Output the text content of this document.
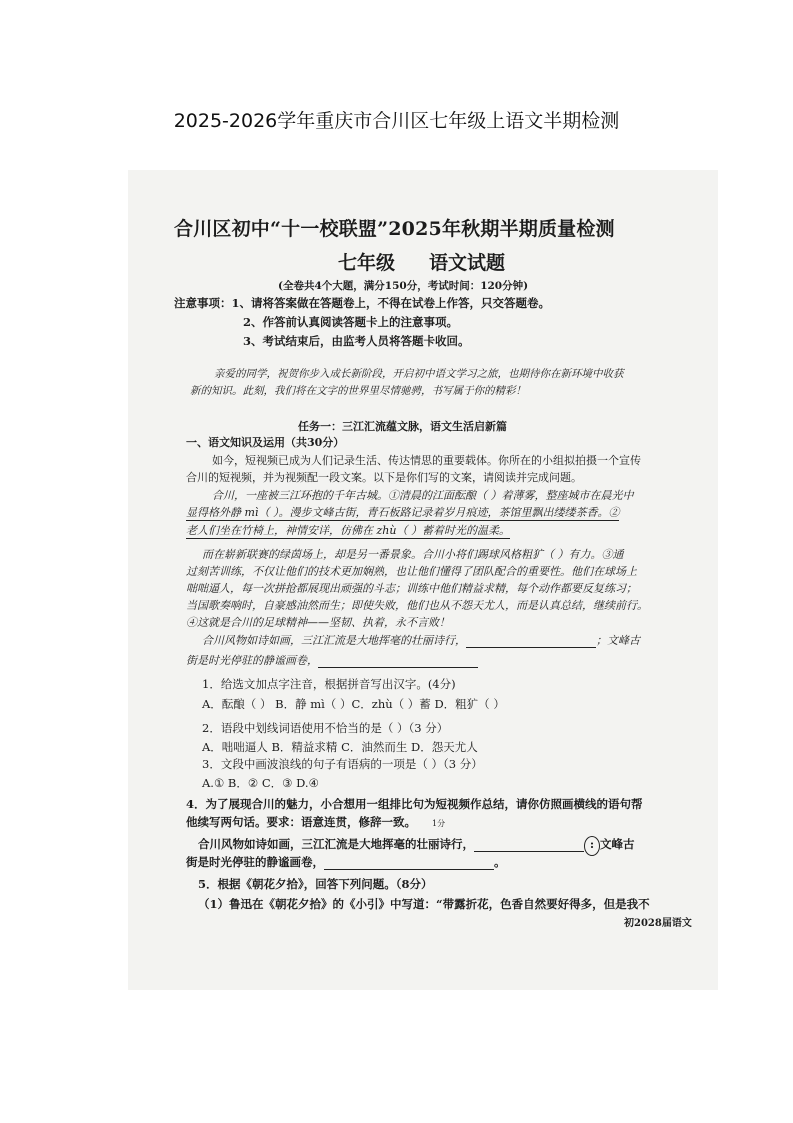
2025-2026学年重庆市合川区七年级上语文半期检测
合川区初中“十一校联盟”2025年秋期半期质量检测
七年级 语文试题
(全卷共4个大题，满分150分，考试时间：120分钟)
注意事项：1、请将答案做在答题卷上，不得在试卷上作答，只交答题卷。
2、作答前认真阅读答题卡上的注意事项。
3、考试结束后，由监考人员将答题卡收回。
亲爱的同学，祝贺你步入成长新阶段，开启初中语文学习之旅，也期待你在新环境中收获
新的知识。此刻，我们将在文字的世界里尽情驰骋，书写属于你的精彩！
任务一：三江汇流蕴文脉，语文生活启新篇
一、语文知识及运用（共30分）
如今，短视频已成为人们记录生活、传达情思的重要载体。你所在的小组拟拍摄一个宣传
合川的短视频，并为视频配一段文案。以下是你们写的文案，请阅读并完成问题。
合川，一座被三江环抱的千年古城。①清晨的江面酝酿（ ）着薄雾，整座城市在晨光中
显得格外静 mì（ ）。漫步文峰古街，青石板路记录着岁月痕迹，茶馆里飘出缕缕茶香。②
老人们坐在竹椅上，神情安详，仿佛在 zhù（ ）蓄着时光的温柔。
而在崭新联赛的绿茵场上，却是另一番景象。合川小将们踢球风格粗犷（ ）有力。③通
过刻苦训练，不仅让他们的技术更加娴熟，也让他们懂得了团队配合的重要性。他们在球场上
咄咄逼人，每一次拼抢都展现出顽强的斗志；训练中他们精益求精，每个动作都要反复练习；
当国歌奏响时，自豪感油然而生；即使失败，他们也从不怨天尤人，而是认真总结，继续前行。
④这就是合川的足球精神——坚韧、执着，永不言败！
合川风物如诗如画，三江汇流是大地挥毫的壮丽诗行，	；文峰古
街是时光停驻的静谧画卷，
1．给选文加点字注音，根据拼音写出汉字。(4分)
A．酝酿（ ） B．静 mì（ ）C．zhù（ ）蓄 D．粗犷（ ）
2．语段中划线词语使用不恰当的是（ ）（3 分）
A．咄咄逼人 B．精益求精 C．油然而生 D．怨天尤人
3．文段中画波浪线的句子有语病的一项是（ ）（3 分）
A.① B．② C．③ D.④
4．为了展现合川的魅力，小合想用一组排比句为短视频作总结，请你仿照画横线的语句帮
他续写两句话。要求：语意连贯，修辞一致。 1分
合川风物如诗如画，三江汇流是大地挥毫的壮丽诗行，	: 文峰古
街是时光停驻的静谧画卷，	。
5．根据《朝花夕拾》，回答下列问题。（8分）
（1）鲁迅在《朝花夕拾》的《小引》中写道：“带露折花，色香自然要好得多，但是我不
初2028届语文
